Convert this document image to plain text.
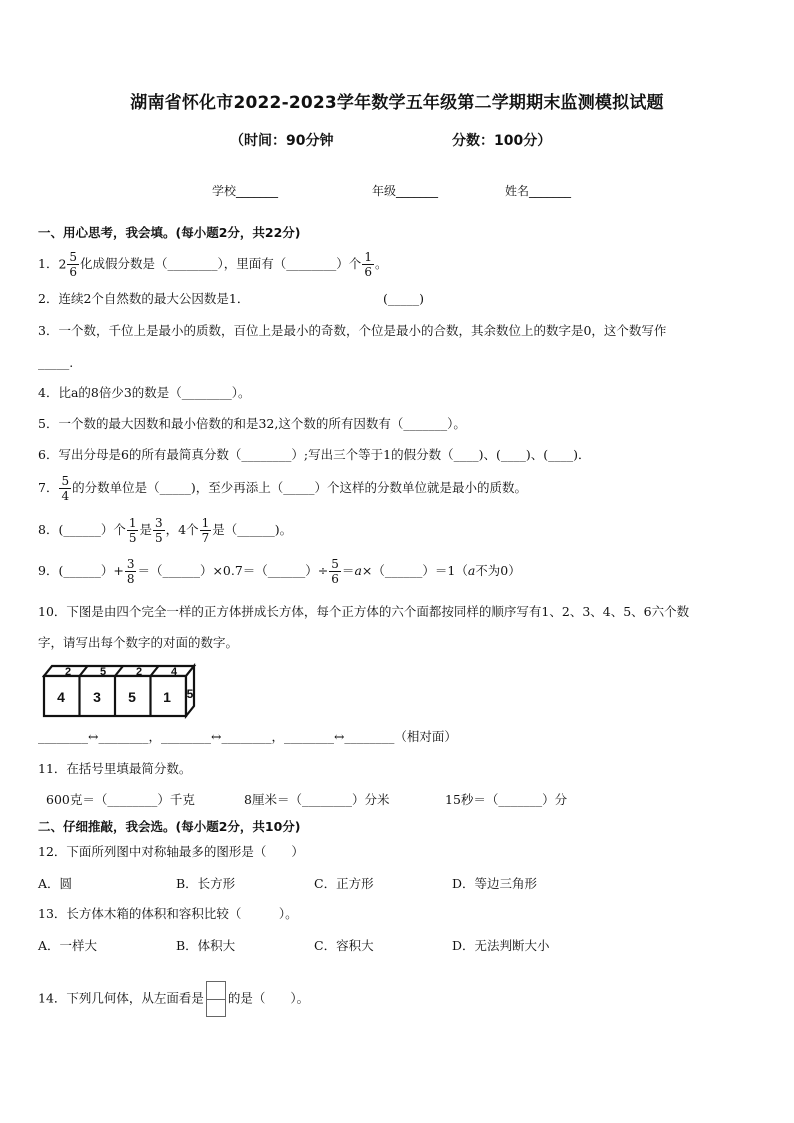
湖南省怀化市2022-2023学年数学五年级第二学期期末监测模拟试题
（时间：90分钟	分数：100分）
学校_______	年级_______	姓名_______
一、用心思考，我会填。(每小题2分，共22分)
1．$2 \frac{5}{6}$ 化成假分数是（________），里面有（________）个 $\frac{1}{6}$ 。
2．连续2个自然数的最大公因数是1．	(_____)
3．一个数，千位上是最小的质数，百位上是最小的奇数，个位是最小的合数，其余数位上的数字是0，这个数写作
_____.
4．比a的8倍少3的数是（________）。
5．一个数的最大因数和最小倍数的和是32,这个数的所有因数有（_______）。
6．写出分母是6的所有最简真分数（________）;写出三个等于1的假分数（____)、(____)、(____)．
7． $\frac{5}{4}$ 的分数单位是（_____)，至少再添上（_____）个这样的分数单位就是最小的质数。
8．(______）个 $\frac{1}{5}$ 是 $\frac{3}{5}$ ，4个 $\frac{1}{7}$ 是（______)。
9．(______）+ $\frac{3}{8}$ ＝（______）×0.7＝（______）÷ $\frac{5}{6}$ ＝a×（______）＝1（a不为0）
10．下图是由四个完全一样的正方体拼成长方体，每个正方体的六个面都按同样的顺序写有1、2、3、4、5、6六个数
字，请写出每个数字的对面的数字。
4 3 5 1
2	5	2	4
5
________↔________，________↔________，________↔________（相对面）
11．在括号里填最简分数。
600克＝（________）千克	8厘米＝（________）分米	15秒＝（_______）分
二、仔细推敲，我会选。(每小题2分，共10分)
12．下面所列图中对称轴最多的图形是（　　）
A．圆	B．长方形	C．正方形	D．等边三角形
13．长方体木箱的体积和容积比较（　　　）。
A．一样大	B．体积大	C．容积大	D．无法判断大小
14．下列几何体，从左面看是 的是（　　）。
